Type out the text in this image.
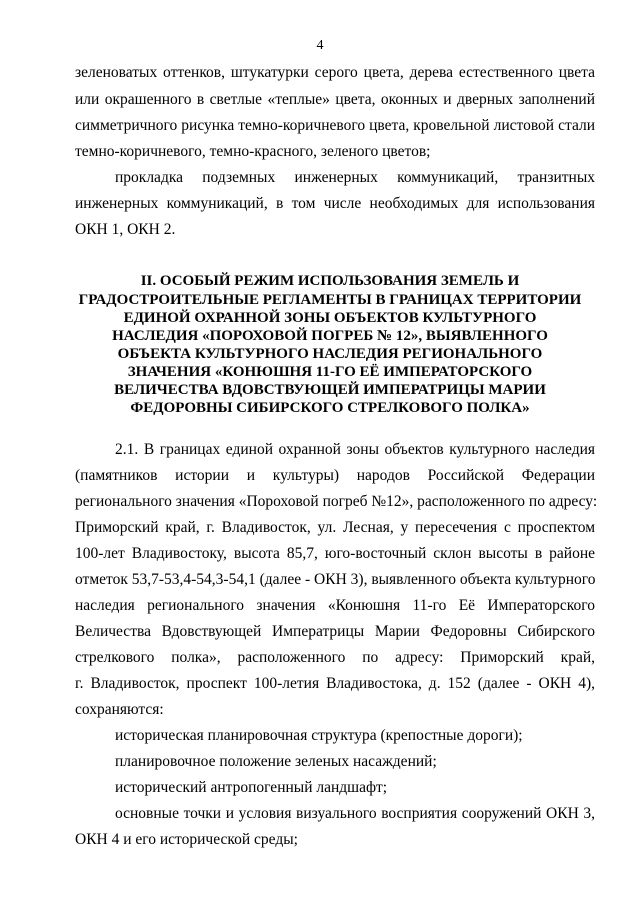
4
зеленоватых оттенков, штукатурки серого цвета, дерева естественного цвета
или окрашенного в светлые «теплые» цвета, оконных и дверных заполнений
симметричного рисунка темно-коричневого цвета, кровельной листовой стали
темно-коричневого, темно-красного, зеленого цветов;
прокладка подземных инженерных коммуникаций, транзитных
инженерных коммуникаций, в том числе необходимых для использования
ОКН 1, ОКН 2.
II. ОСОБЫЙ РЕЖИМ ИСПОЛЬЗОВАНИЯ ЗЕМЕЛЬ И
ГРАДОСТРОИТЕЛЬНЫЕ РЕГЛАМЕНТЫ В ГРАНИЦАХ ТЕРРИТОРИИ
ЕДИНОЙ ОХРАННОЙ ЗОНЫ ОБЪЕКТОВ КУЛЬТУРНОГО
НАСЛЕДИЯ «ПОРОХОВОЙ ПОГРЕБ № 12», ВЫЯВЛЕННОГО
ОБЪЕКТА КУЛЬТУРНОГО НАСЛЕДИЯ РЕГИОНАЛЬНОГО
ЗНАЧЕНИЯ «КОНЮШНЯ 11-ГО ЕЁ ИМПЕРАТОРСКОГО
ВЕЛИЧЕСТВА ВДОВСТВУЮЩЕЙ ИМПЕРАТРИЦЫ МАРИИ
ФЕДОРОВНЫ СИБИРСКОГО СТРЕЛКОВОГО ПОЛКА»
2.1. В границах единой охранной зоны объектов культурного наследия
(памятников истории и культуры) народов Российской Федерации
регионального значения «Пороховой погреб №12», расположенного по адресу:
Приморский край, г. Владивосток, ул. Лесная, у пересечения с проспектом
100-лет Владивостоку, высота 85,7, юго-восточный склон высоты в районе
отметок 53,7-53,4-54,3-54,1 (далее - ОКН 3), выявленного объекта культурного
наследия регионального значения «Конюшня 11-го Её Императорского
Величества Вдовствующей Императрицы Марии Федоровны Сибирского
стрелкового полка», расположенного по адресу: Приморский край,
г. Владивосток, проспект 100-летия Владивостока, д. 152 (далее - ОКН 4),
сохраняются:
историческая планировочная структура (крепостные дороги);
планировочное положение зеленых насаждений;
исторический антропогенный ландшафт;
основные точки и условия визуального восприятия сооружений ОКН 3,
ОКН 4 и его исторической среды;
